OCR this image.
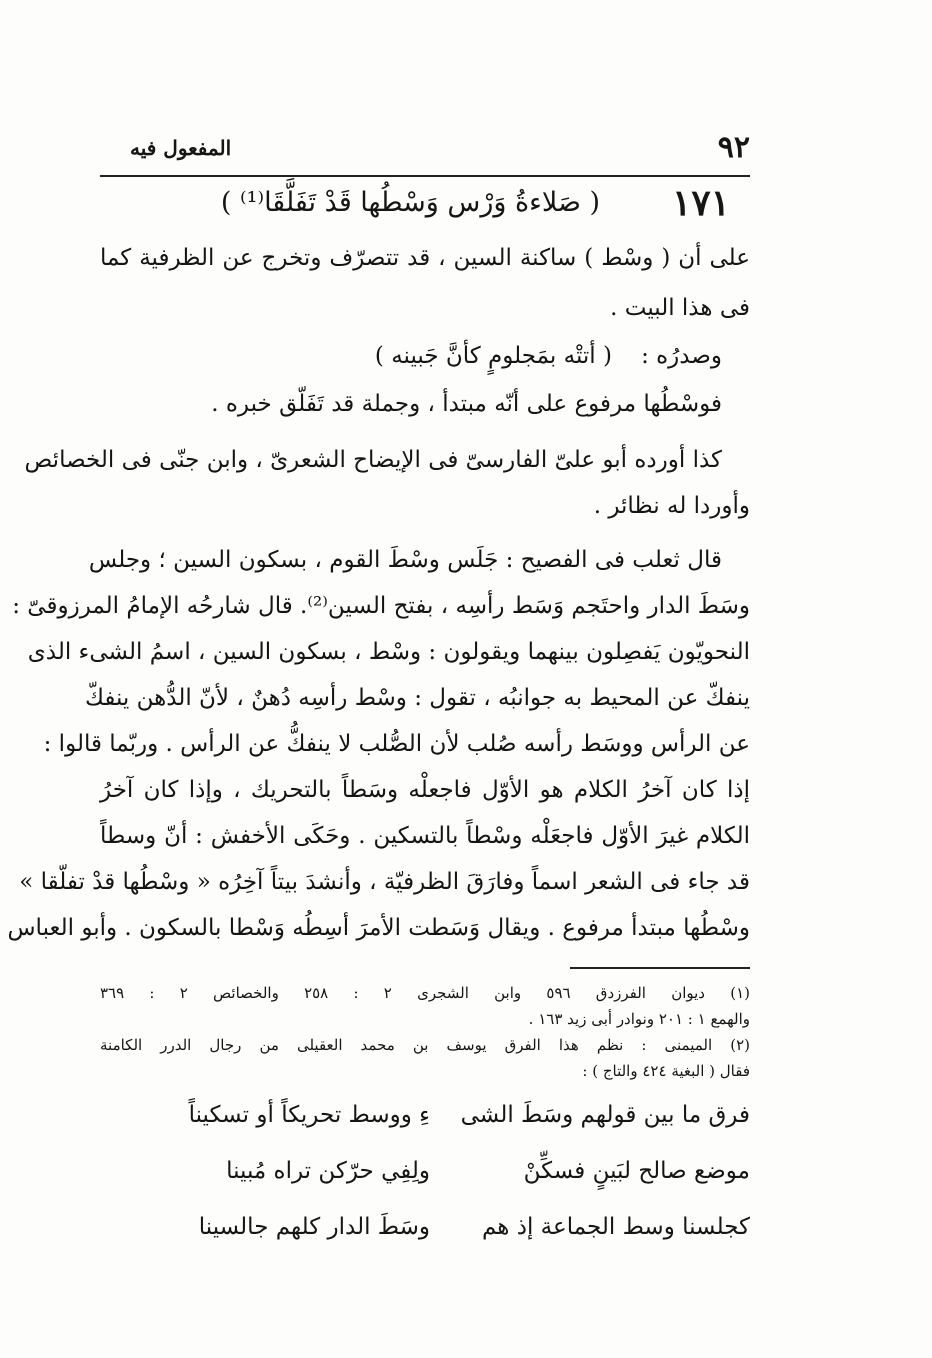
٩٢
المفعول فيه
١٧١
( صَلاءةُ وَرْس وَسْطُها قَدْ تَفَلَّقَا⁽¹⁾ )
على أن ( وسْط ) ساكنة السين ، قد تتصرّف وتخرج عن الظرفية كما
فى هذا البيت .
وصدرُه :( أتتْه بمَجلومٍ كأنَّ جَبينه )
فوسْطُها مرفوع على أنّه مبتدأ ، وجملة قد تَفَلّق خبره .
كذا أورده أبو علىّ الفارسىّ فى الإيضاح الشعرىّ ، وابن جنّى فى الخصائص
وأوردا له نظائر .
قال ثعلب فى الفصيح : جَلَس وسْطَ القوم ، بسكون السين ؛ وجلس
وسَطَ الدار واحتَجم وَسَط رأسِه ، بفتح السين⁽²⁾. قال شارحُه الإمامُ المرزوقىّ :
النحويّون يَفصِلون بينهما ويقولون : وسْط ، بسكون السين ، اسمُ الشىء الذى
ينفكّ عن المحيط به جوانبُه ، تقول : وسْط رأسِه دُهنٌ ، لأنّ الدُّهن ينفكّ
عن الرأس ووسَط رأسه صُلب لأن الصُّلب لا ينفكُّ عن الرأس . وربّما قالوا :
إذا كان آخرُ الكلام هو الأوّل فاجعلْه وسَطاً بالتحريك ، وإذا كان آخرُ
الكلام غيرَ الأوّل فاجعَلْه وسْطاً بالتسكين . وحَكَى الأخفش : أنّ وسطاً
قد جاء فى الشعر اسماً وفارَقَ الظرفيّة ، وأنشدَ بيتاً آخِرُه « وسْطُها قدْ تفلّقا »
وسْطُها مبتدأ مرفوع . ويقال وَسَطت الأمرَ أسِطُه وَسْطا بالسكون . وأبو العباس
(١) ديوان الفرزدق ٥٩٦ وابن الشجرى ٢ : ٢٥٨ والخصائص ٢ : ٣٦٩
والهمع ١ : ٢٠١ ونوادر أبى زيد ١٦٣ .
(٢) الميمنى : نظم هذا الفرق يوسف بن محمد العقيلى من رجال الدرر الكامنة
فقال ( البغية ٤٢٤ والتاج ) :
فرق ما بين قولهم وسَطَ الشى
ءِ ووسط تحريكاً أو تسكيناً
موضع صالح لبَينٍ فسكِّنْ
ولِفِي حرّكن تراه مُبينا
كجلسنا وسط الجماعة إذ هم
وسَطَ الدار كلهم جالسينا
